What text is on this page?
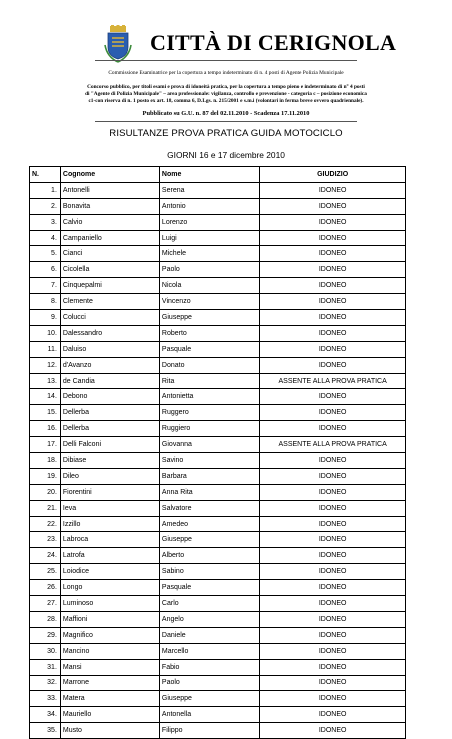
CITTÀ DI CERIGNOLA
Commissione Esaminatrice per la copertura a tempo indeterminato di n. 4 posti di Agente Polizia Municipale
Concorso pubblico, per titoli esami e prova di idoneità pratica, per la copertura a tempo pieno e indeterminato di n° 4 posti
di "Agente di Polizia Municipale" – area professionale: vigilanza, controllo e prevenzione - categoria c – posizione economica
c1-con riserva di n. 1 posto ex art. 18, comma 6, D.Lgs. n. 215/2001 e s.m.i (volontari in ferma breve ovvero quadriennale).
Pubblicato su G.U. n. 87 del 02.11.2010 - Scadenza 17.11.2010
RISULTANZE PROVA PRATICA GUIDA MOTOCICLO
GIORNI 16 e 17 dicembre 2010
N.	Cognome	Nome	GIUDIZIO
1.	Antonelli	Serena	IDONEO
2.	Bonavita	Antonio	IDONEO
3.	Calvio	Lorenzo	IDONEO
4.	Campaniello	Luigi	IDONEO
5.	Cianci	Michele	IDONEO
6.	Cicolella	Paolo	IDONEO
7.	Cinquepalmi	Nicola	IDONEO
8.	Clemente	Vincenzo	IDONEO
9.	Colucci	Giuseppe	IDONEO
10.	Dalessandro	Roberto	IDONEO
11.	Daluiso	Pasquale	IDONEO
12.	d'Avanzo	Donato	IDONEO
13.	de Candia	Rita	ASSENTE ALLA PROVA PRATICA
14.	Debono	Antonietta	IDONEO
15.	Dellerba	Ruggero	IDONEO
16.	Dellerba	Ruggiero	IDONEO
17.	Delli Falconi	Giovanna	ASSENTE ALLA PROVA PRATICA
18.	Dibiase	Savino	IDONEO
19.	Dileo	Barbara	IDONEO
20.	Fiorentini	Anna Rita	IDONEO
21.	Ieva	Salvatore	IDONEO
22.	Izzillo	Amedeo	IDONEO
23.	Labroca	Giuseppe	IDONEO
24.	Latrofa	Alberto	IDONEO
25.	Loiodice	Sabino	IDONEO
26.	Longo	Pasquale	IDONEO
27.	Luminoso	Carlo	IDONEO
28.	Maffioni	Angelo	IDONEO
29.	Magnifico	Daniele	IDONEO
30.	Mancino	Marcello	IDONEO
31.	Mansi	Fabio	IDONEO
32.	Marrone	Paolo	IDONEO
33.	Matera	Giuseppe	IDONEO
34.	Mauriello	Antonella	IDONEO
35.	Musto	Filippo	IDONEO
